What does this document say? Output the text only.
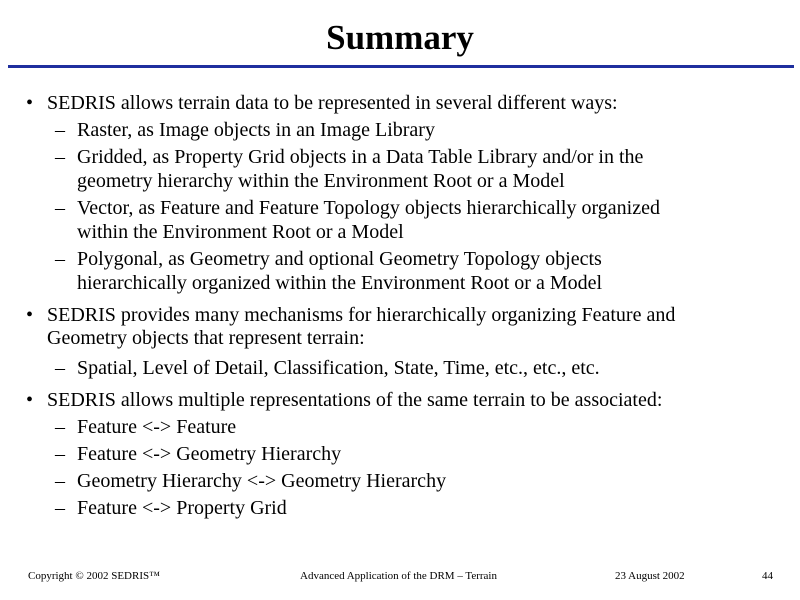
Summary
• SEDRIS allows terrain data to be represented in several different ways:
– Raster, as Image objects in an Image Library
– Gridded, as Property Grid objects in a Data Table Library and/or in the
geometry hierarchy within the Environment Root or a Model
– Vector, as Feature and Feature Topology objects hierarchically organized
within the Environment Root or a Model
– Polygonal, as Geometry and optional Geometry Topology objects
hierarchically organized within the Environment Root or a Model
• SEDRIS provides many mechanisms for hierarchically organizing Feature and
Geometry objects that represent terrain:
– Spatial, Level of Detail, Classification, State, Time, etc., etc., etc.
• SEDRIS allows multiple representations of the same terrain to be associated:
– Feature <-> Feature
– Feature <-> Geometry Hierarchy
– Geometry Hierarchy <-> Geometry Hierarchy
– Feature <-> Property Grid
Copyright © 2002 SEDRIS™	Advanced Application of the DRM – Terrain	23 August 2002	44
